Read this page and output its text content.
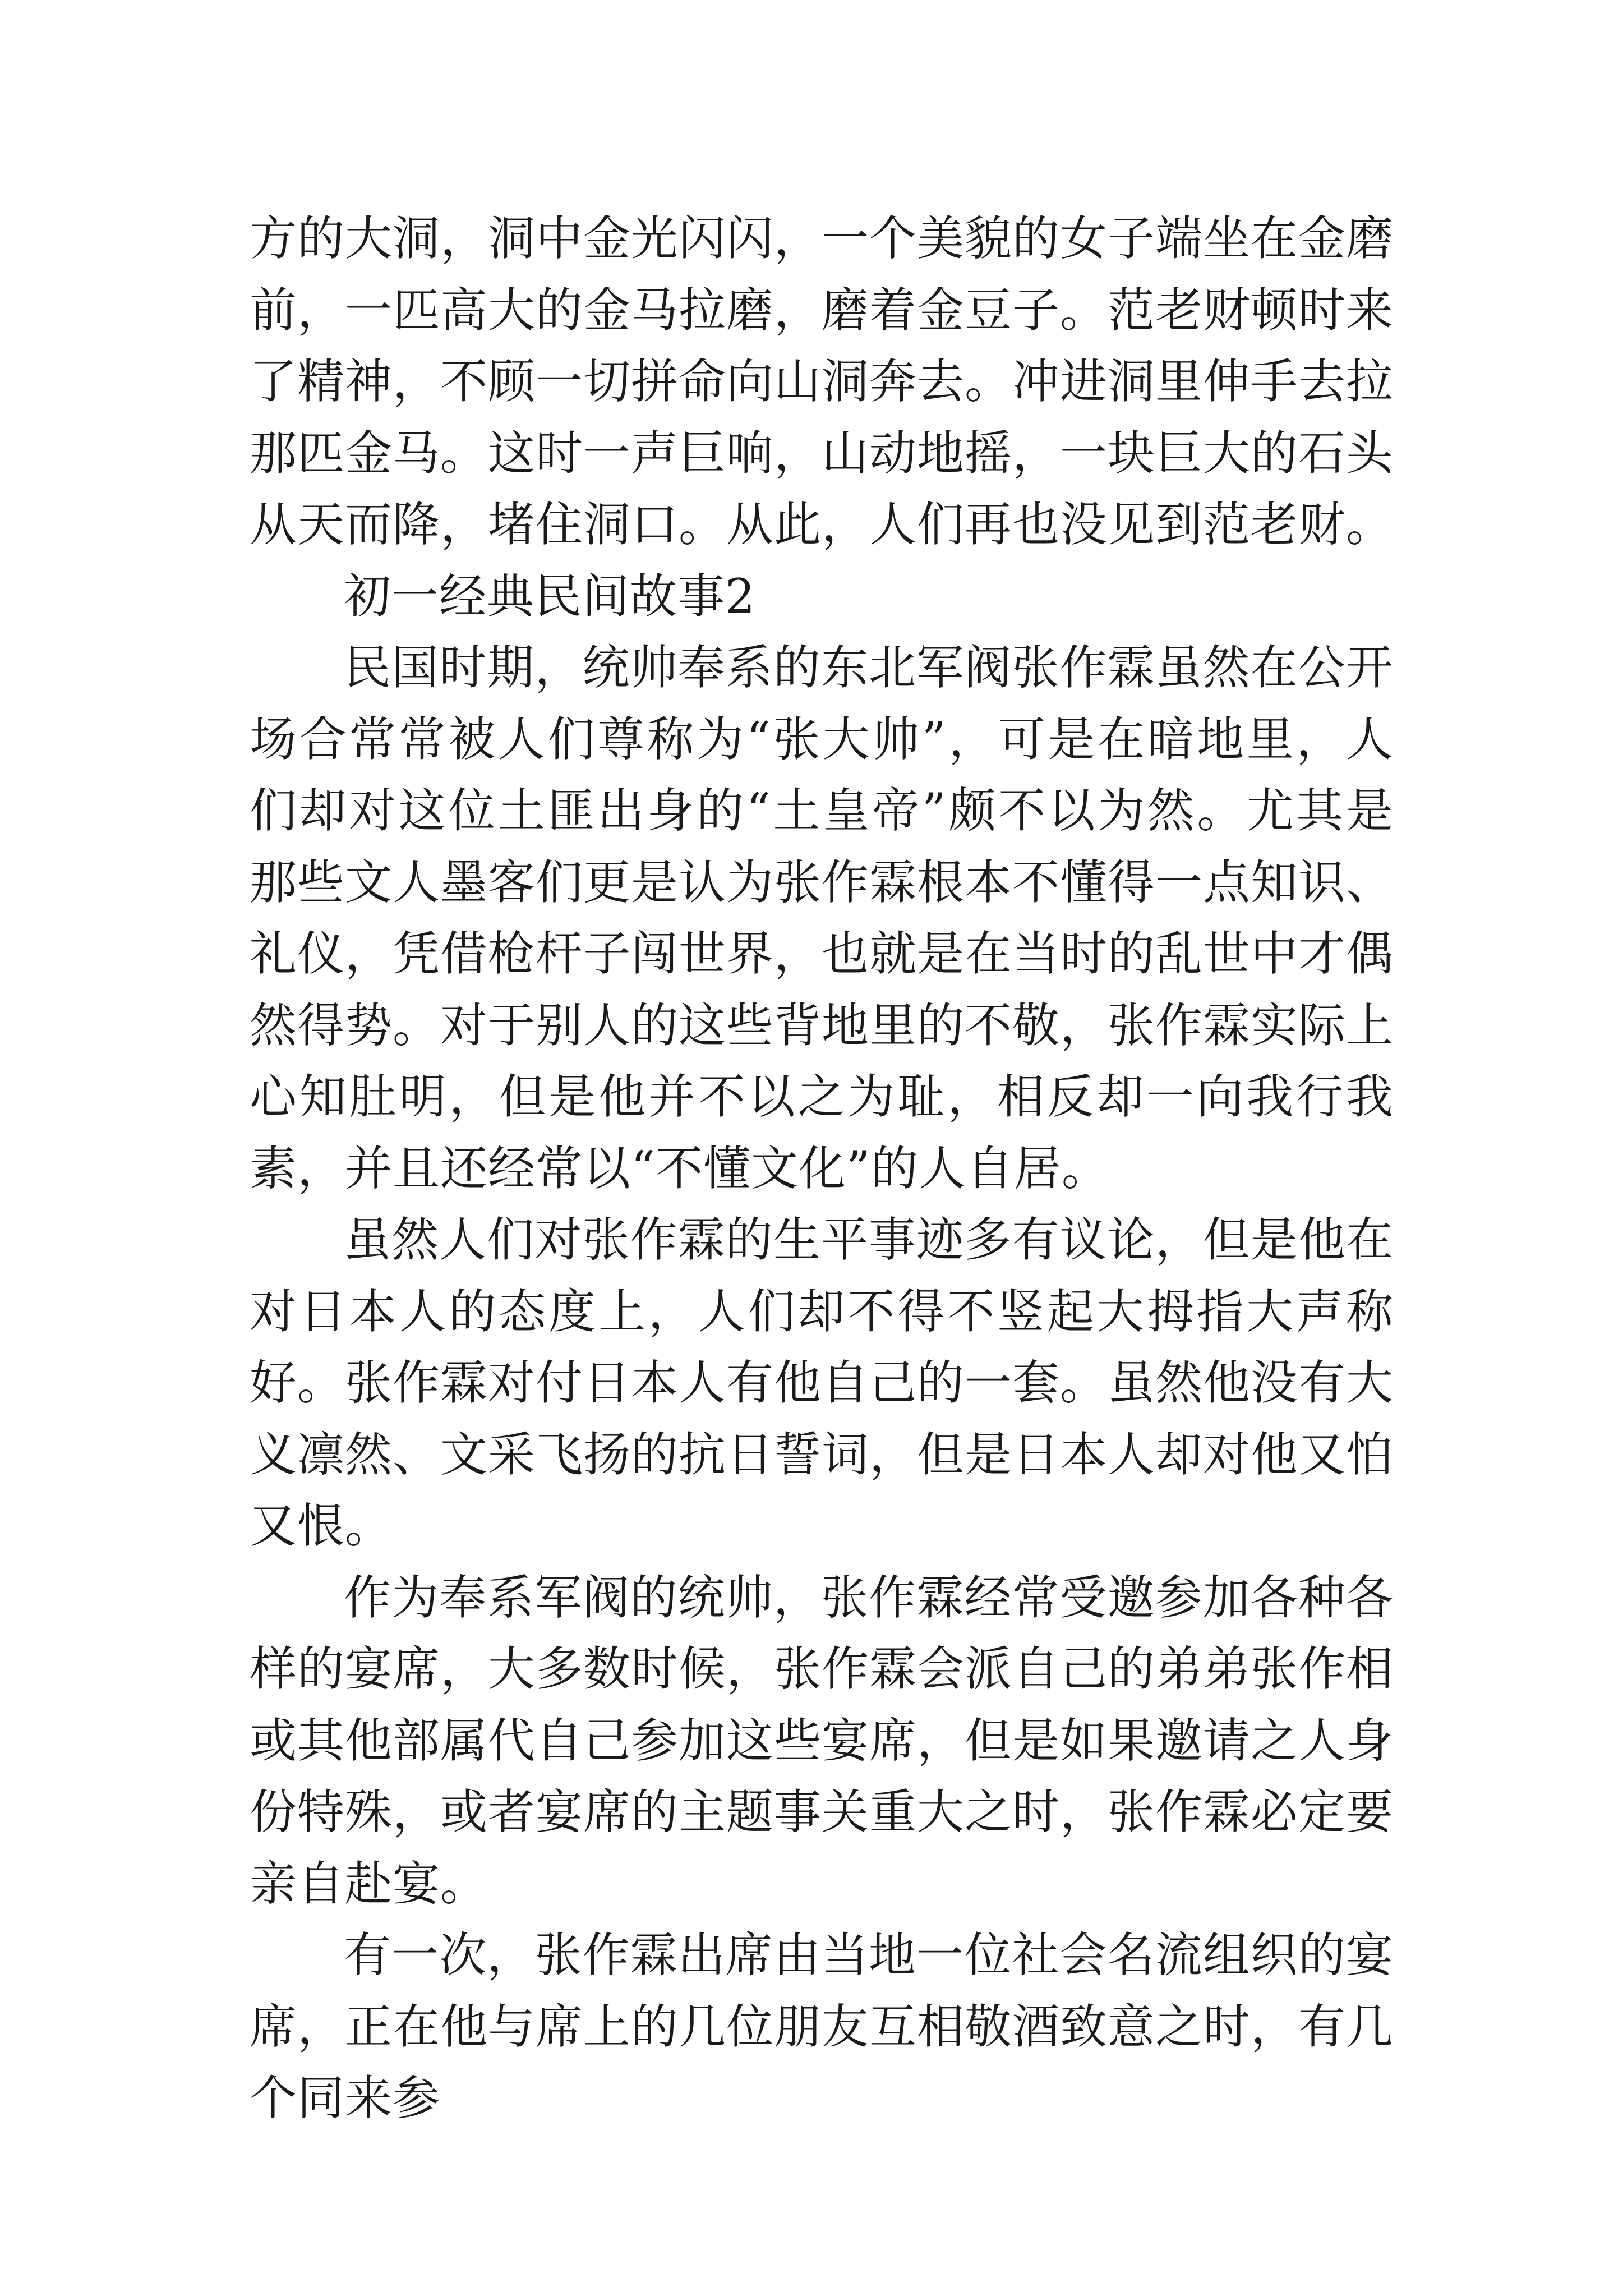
方的大洞，洞中金光闪闪，一个美貌的女子端坐在金磨前，一匹高大的金马拉磨，磨着金豆子。范老财顿时来了精神，不顾一切拼命向山洞奔去。冲进洞里伸手去拉那匹金马。这时一声巨响，山动地摇，一块巨大的石头从天而降，堵住洞口。从此，人们再也没见到范老财。

初一经典民间故事2

民国时期，统帅奉系的东北军阀张作霖虽然在公开场合常常被人们尊称为“张大帅”，可是在暗地里，人们却对这位土匪出身的“土皇帝”颇不以为然。尤其是那些文人墨客们更是认为张作霖根本不懂得一点知识、礼仪，凭借枪杆子闯世界，也就是在当时的乱世中才偶然得势。对于别人的这些背地里的不敬，张作霖实际上心知肚明，但是他并不以之为耻，相反却一向我行我素，并且还经常以“不懂文化”的人自居。

虽然人们对张作霖的生平事迹多有议论，但是他在对日本人的态度上，人们却不得不竖起大拇指大声称好。张作霖对付日本人有他自己的一套。虽然他没有大义凛然、文采飞扬的抗日誓词，但是日本人却对他又怕又恨。

作为奉系军阀的统帅，张作霖经常受邀参加各种各样的宴席，大多数时候，张作霖会派自己的弟弟张作相或其他部属代自己参加这些宴席，但是如果邀请之人身份特殊，或者宴席的主题事关重大之时，张作霖必定要亲自赴宴。

有一次，张作霖出席由当地一位社会名流组织的宴席，正在他与席上的几位朋友互相敬酒致意之时，有几个同来参
